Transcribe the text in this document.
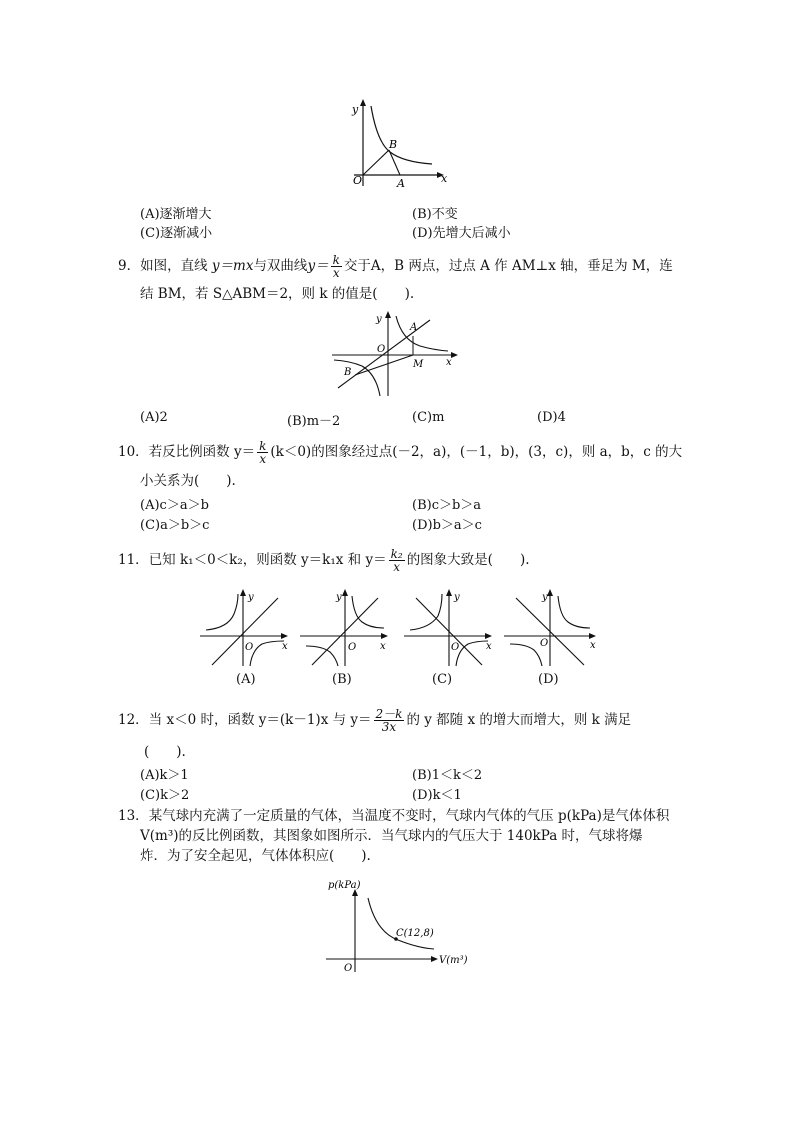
y
B
O	A	x
(A)逐渐增大	(B)不变
(C)逐渐减小	(D)先增大后减小
9．如图，直线 y＝mx与双曲线$y= \frac{k}{x}$ 交于A，B 两点，过点 A 作 AM⊥x 轴，垂足为 M，连
结 BM，若 S△ABM＝2，则 k 的值是(　　).
y
A
O
M x
B
(A)2	(B)m－2	(C)m	(D)4
10．若反比例函数 $y= \frac{k}{x} (k<0)$的图象经过点(－2，a)，(－1，b)，(3，c)，则 a，b，c 的大
小关系为(　　).
(A)c＞a＞b	(B)c＞b＞a
(C)a＞b＞c	(D)b＞a＞c
11．已知 k₁＜0＜k₂，则函数 y＝k₁x 和 $y= \frac{\text{k₂}}{x}$ 的图象大致是(　　).
y
O	x
y
O x
y
O	x
y
O	x
(A)	(B)	(C)	(D)
12．当 x＜0 时，函数 y＝(k－1)x 与 $y= \frac{2-k}{3x}$ 的 y 都随 x 的增大而增大，则 k 满足
(　　).
(A)k＞1	(B)1＜k＜2
(C)k＞2	(D)k＜1
13．某气球内充满了一定质量的气体，当温度不变时，气球内气体的气压 p(kPa)是气体体积
V(m³)的反比例函数，其图象如图所示．当气球内的气压大于 140kPa 时，气球将爆
炸．为了安全起见，气体体积应(　　).
p(kPa)
C(12,8)
V(m³)
O
